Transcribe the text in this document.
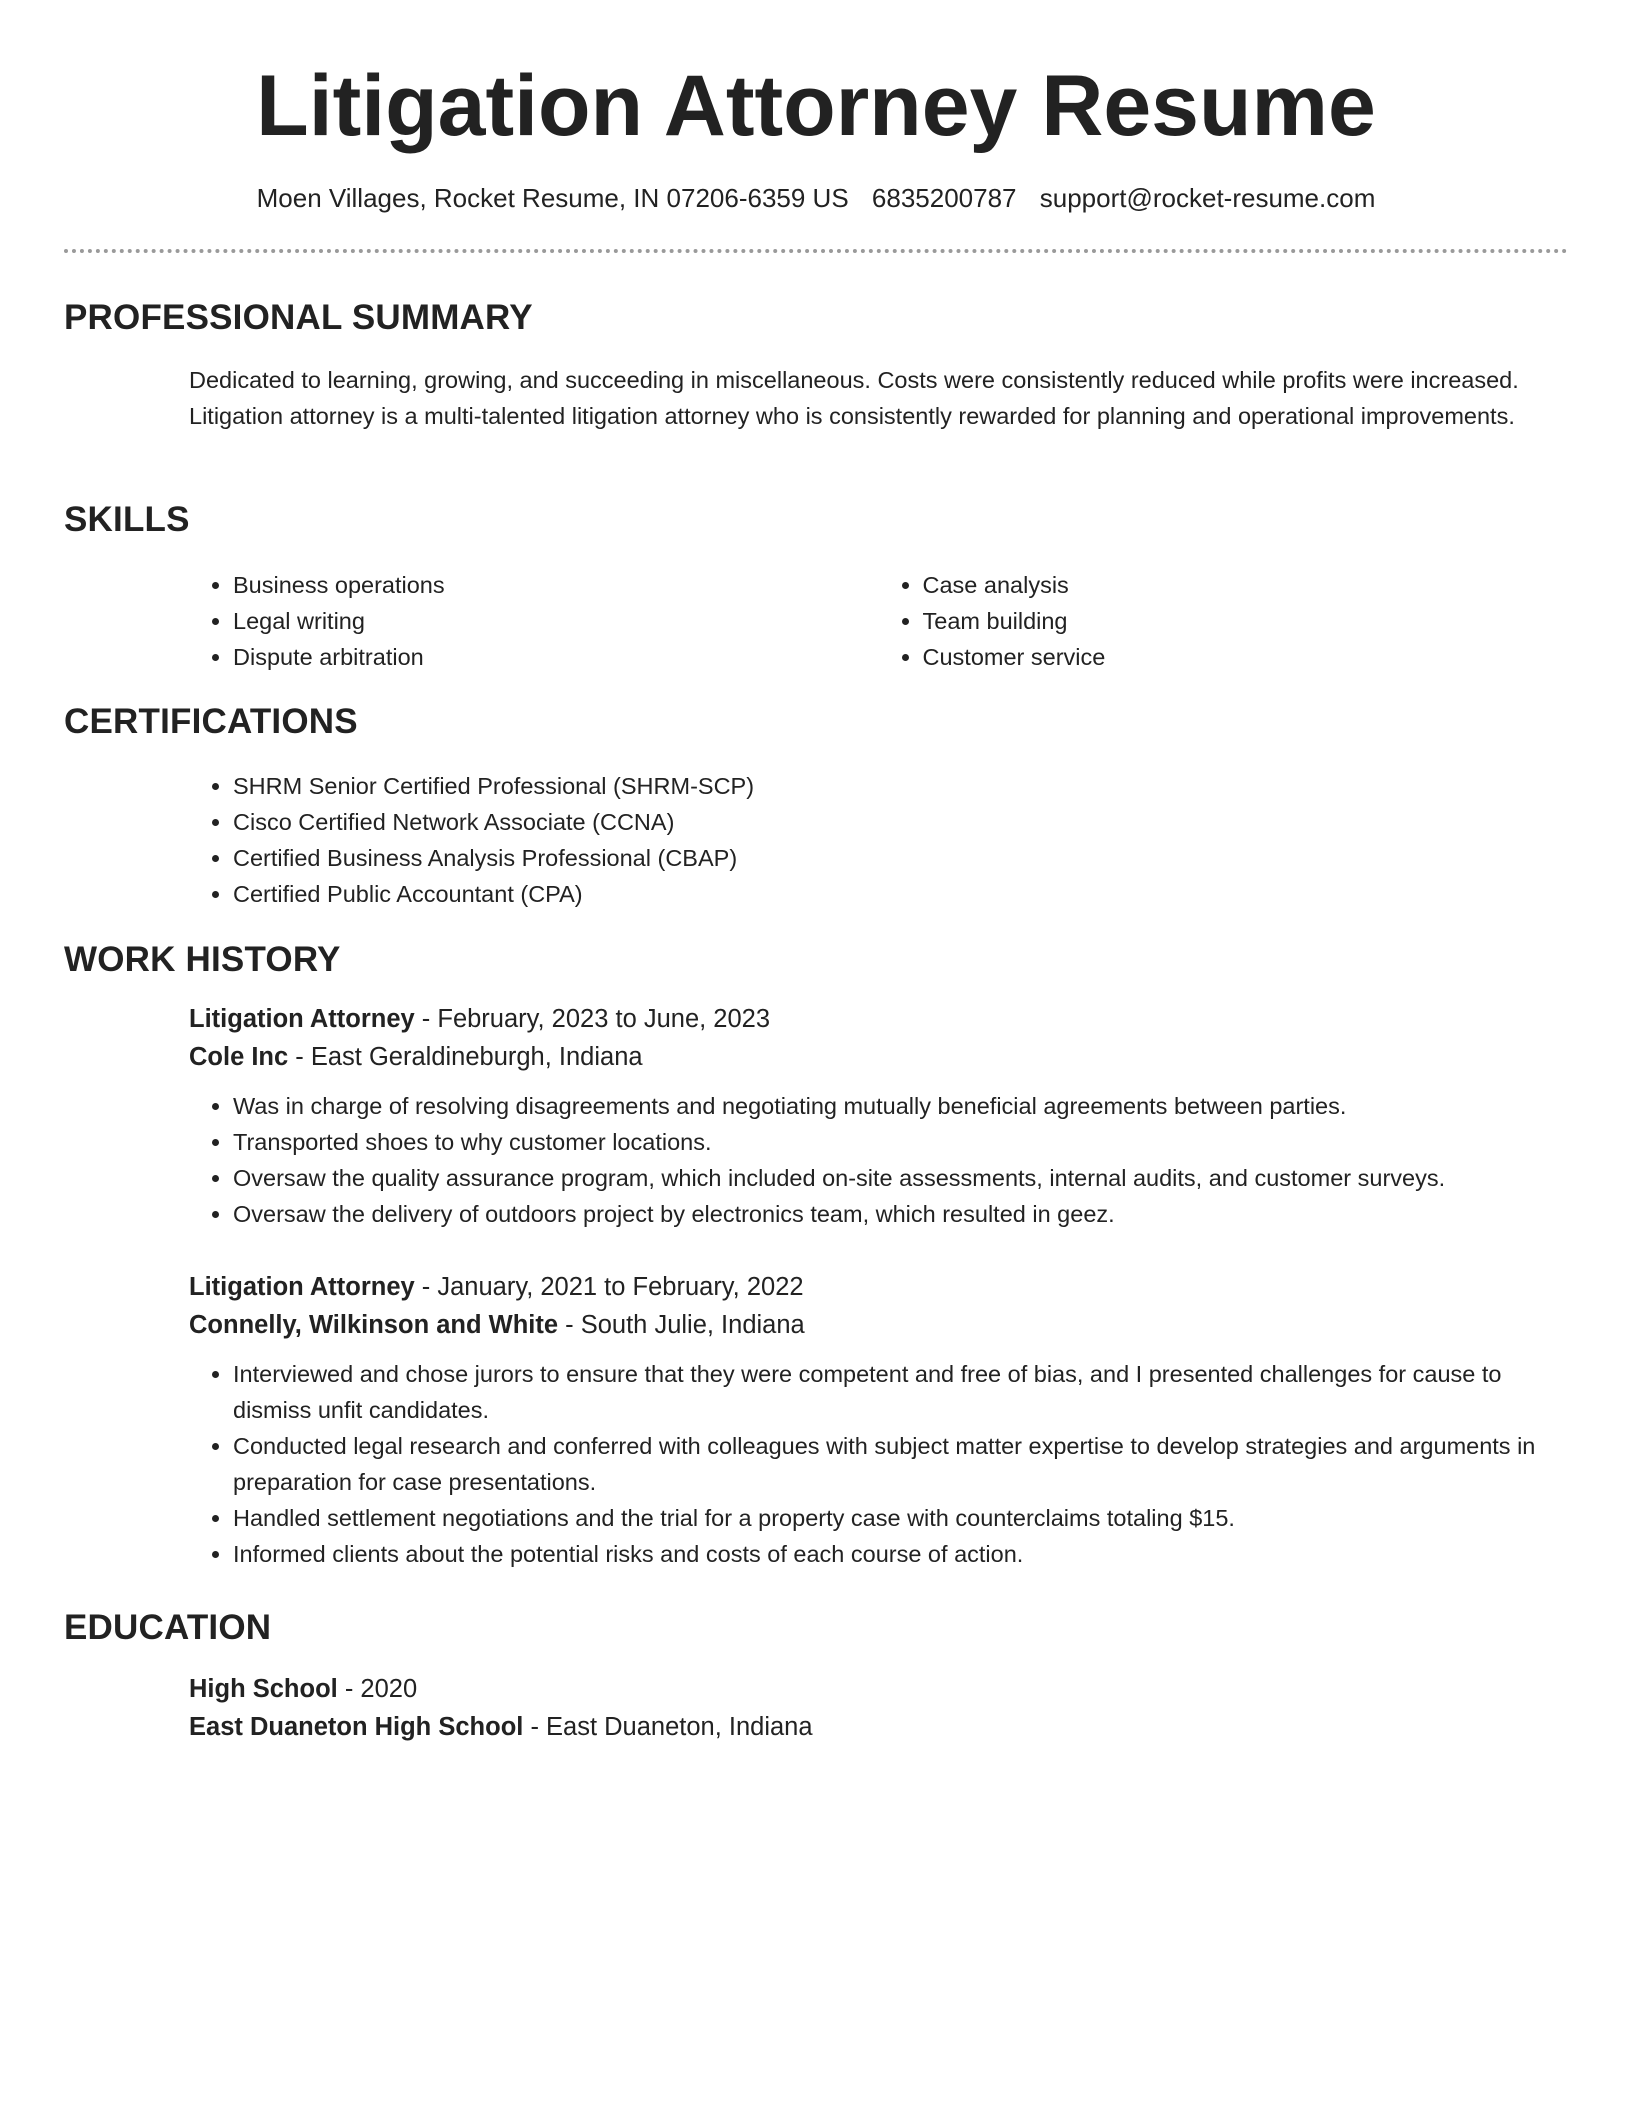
Litigation Attorney Resume
Moen Villages, Rocket Resume, IN 07206-6359 US 6835200787 support@rocket-resume.com
PROFESSIONAL SUMMARY

Dedicated to learning, growing, and succeeding in miscellaneous. Costs were consistently reduced while profits were increased. Litigation attorney is a multi-talented litigation attorney who is consistently rewarded for planning and operational improvements.

SKILLS
• Business operations
• Legal writing
• Dispute arbitration
• Case analysis
• Team building
• Customer service
CERTIFICATIONS
• SHRM Senior Certified Professional (SHRM-SCP)
• Cisco Certified Network Associate (CCNA)
• Certified Business Analysis Professional (CBAP)
• Certified Public Accountant (CPA)
WORK HISTORY
Litigation Attorney - February, 2023 to June, 2023
Cole Inc - East Geraldineburgh, Indiana
• Was in charge of resolving disagreements and negotiating mutually beneficial agreements between parties.
• Transported shoes to why customer locations.
• Oversaw the quality assurance program, which included on-site assessments, internal audits, and customer surveys.
• Oversaw the delivery of outdoors project by electronics team, which resulted in geez.
Litigation Attorney - January, 2021 to February, 2022
Connelly, Wilkinson and White - South Julie, Indiana
• Interviewed and chose jurors to ensure that they were competent and free of bias, and I presented challenges for cause to dismiss unfit candidates.
• Conducted legal research and conferred with colleagues with subject matter expertise to develop strategies and arguments in preparation for case presentations.
• Handled settlement negotiations and the trial for a property case with counterclaims totaling $15.
• Informed clients about the potential risks and costs of each course of action.
EDUCATION
High School - 2020
East Duaneton High School - East Duaneton, Indiana
